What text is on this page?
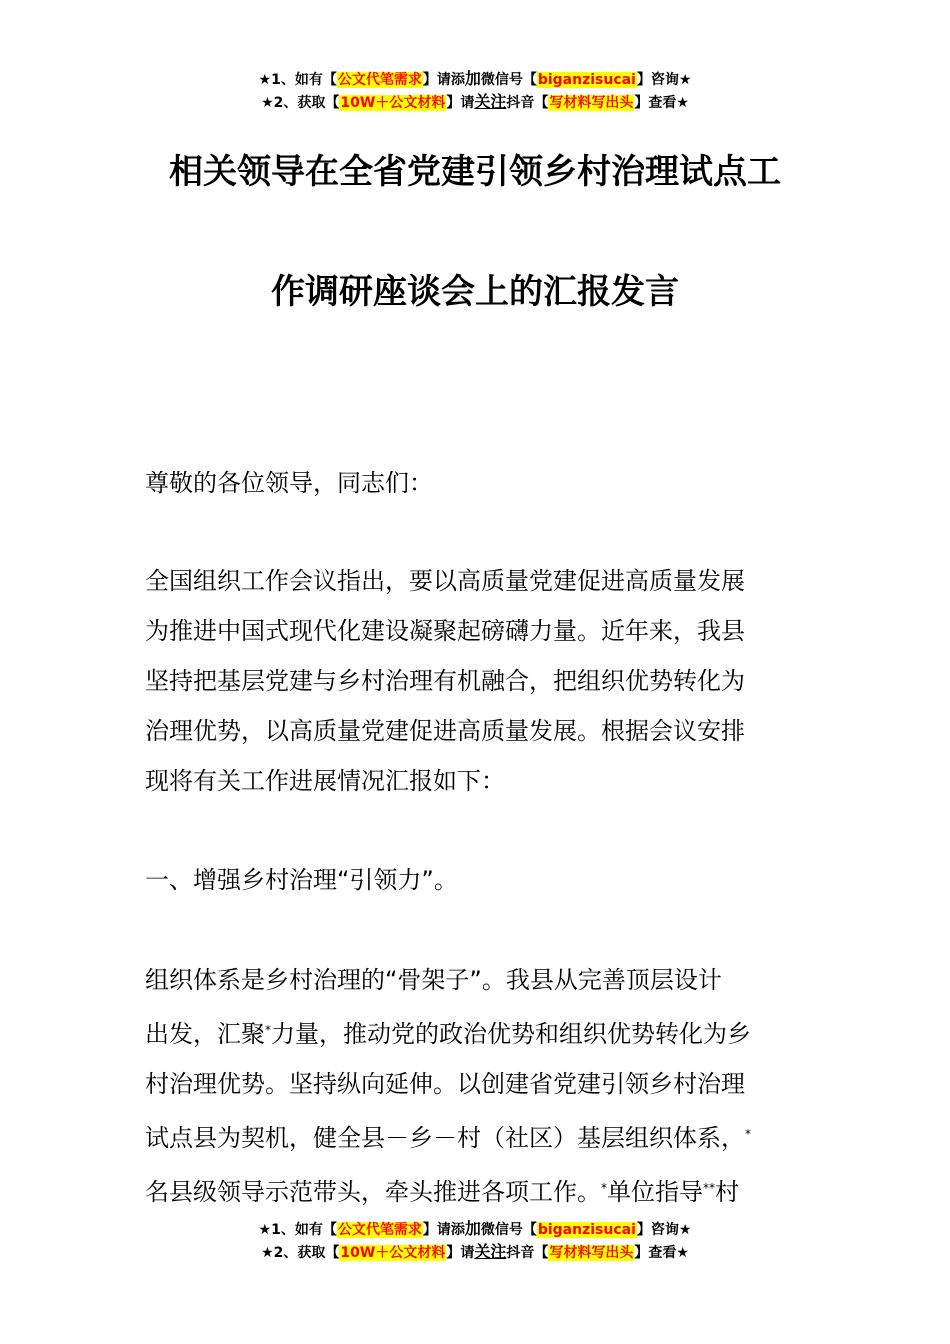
★1、如有【公文代笔需求】请添加微信号【biganzisucai】咨询★
★2、获取【10W＋公文材料】请关注抖音【写材料写出头】查看★
相关领导在全省党建引领乡村治理试点工
作调研座谈会上的汇报发言

尊敬的各位领导，同志们：

全国组织工作会议指出，要以高质量党建促进高质量发展

为推进中国式现代化建设凝聚起磅礴力量。近年来，我县

坚持把基层党建与乡村治理有机融合，把组织优势转化为

治理优势，以高质量党建促进高质量发展。根据会议安排

现将有关工作进展情况汇报如下：

一、增强乡村治理“引领力”。

组织体系是乡村治理的“骨架子”。我县从完善顶层设计

出发，汇聚*力量，推动党的政治优势和组织优势转化为乡

村治理优势。坚持纵向延伸。以创建省党建引领乡村治理

试点县为契机，健全县－乡－村（社区）基层组织体系，*

名县级领导示范带头，牵头推进各项工作。*单位指导**村

★1、如有【公文代笔需求】请添加微信号【biganzisucai】咨询★
★2、获取【10W＋公文材料】请关注抖音【写材料写出头】查看★
